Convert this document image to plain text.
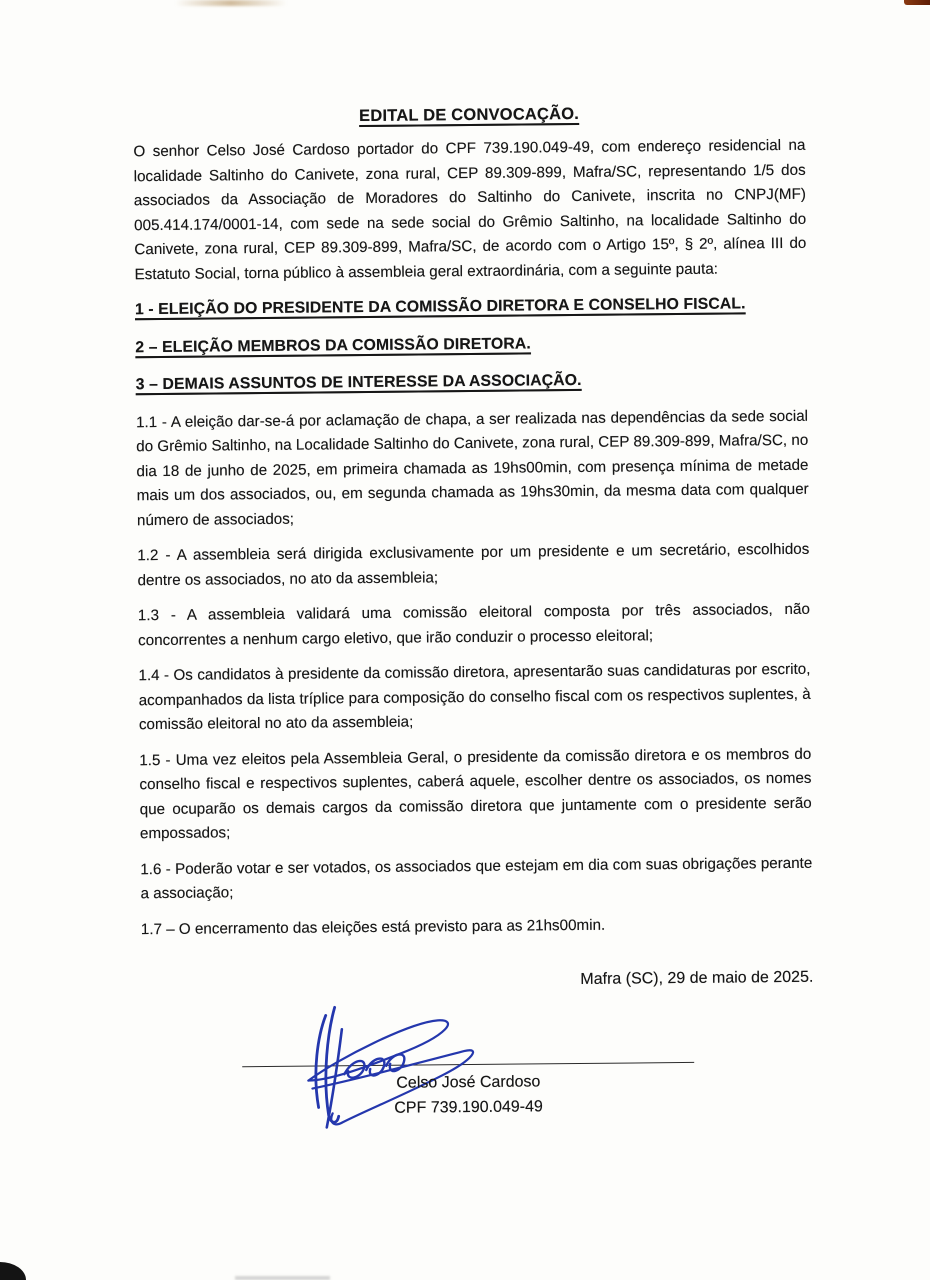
EDITAL DE CONVOCAÇÃO.

O senhor Celso José Cardoso portador do CPF 739.190.049-49, com endereço residencial na localidade Saltinho do Canivete, zona rural, CEP 89.309-899, Mafra/SC, representando 1/5 dos associados da Associação de Moradores do Saltinho do Canivete, inscrita no CNPJ(MF) 005.414.174/0001-14, com sede na sede social do Grêmio Saltinho, na localidade Saltinho do Canivete, zona rural, CEP 89.309-899, Mafra/SC, de acordo com o Artigo 15º, § 2º, alínea III do Estatuto Social, torna público à assembleia geral extraordinária, com a seguinte pauta:

1 - ELEIÇÃO DO PRESIDENTE DA COMISSÃO DIRETORA E CONSELHO FISCAL.

2 – ELEIÇÃO MEMBROS DA COMISSÃO DIRETORA.

3 – DEMAIS ASSUNTOS DE INTERESSE DA ASSOCIAÇÃO.

1.1 - A eleição dar-se-á por aclamação de chapa, a ser realizada nas dependências da sede social do Grêmio Saltinho, na Localidade Saltinho do Canivete, zona rural, CEP 89.309-899, Mafra/SC, no dia 18 de junho de 2025, em primeira chamada as 19hs00min, com presença mínima de metade mais um dos associados, ou, em segunda chamada as 19hs30min, da mesma data com qualquer número de associados;

1.2 - A assembleia será dirigida exclusivamente por um presidente e um secretário, escolhidos dentre os associados, no ato da assembleia;

1.3 - A assembleia validará uma comissão eleitoral composta por três associados, não concorrentes a nenhum cargo eletivo, que irão conduzir o processo eleitoral;

1.4 - Os candidatos à presidente da comissão diretora, apresentarão suas candidaturas por escrito, acompanhados da lista tríplice para composição do conselho fiscal com os respectivos suplentes, à comissão eleitoral no ato da assembleia;

1.5 - Uma vez eleitos pela Assembleia Geral, o presidente da comissão diretora e os membros do conselho fiscal e respectivos suplentes, caberá aquele, escolher dentre os associados, os nomes que ocuparão os demais cargos da comissão diretora que juntamente com o presidente serão empossados;

1.6 - Poderão votar e ser votados, os associados que estejam em dia com suas obrigações perante a associação;

1.7 – O encerramento das eleições está previsto para as 21hs00min.

Mafra (SC), 29 de maio de 2025.

Celso José Cardoso
CPF 739.190.049-49
